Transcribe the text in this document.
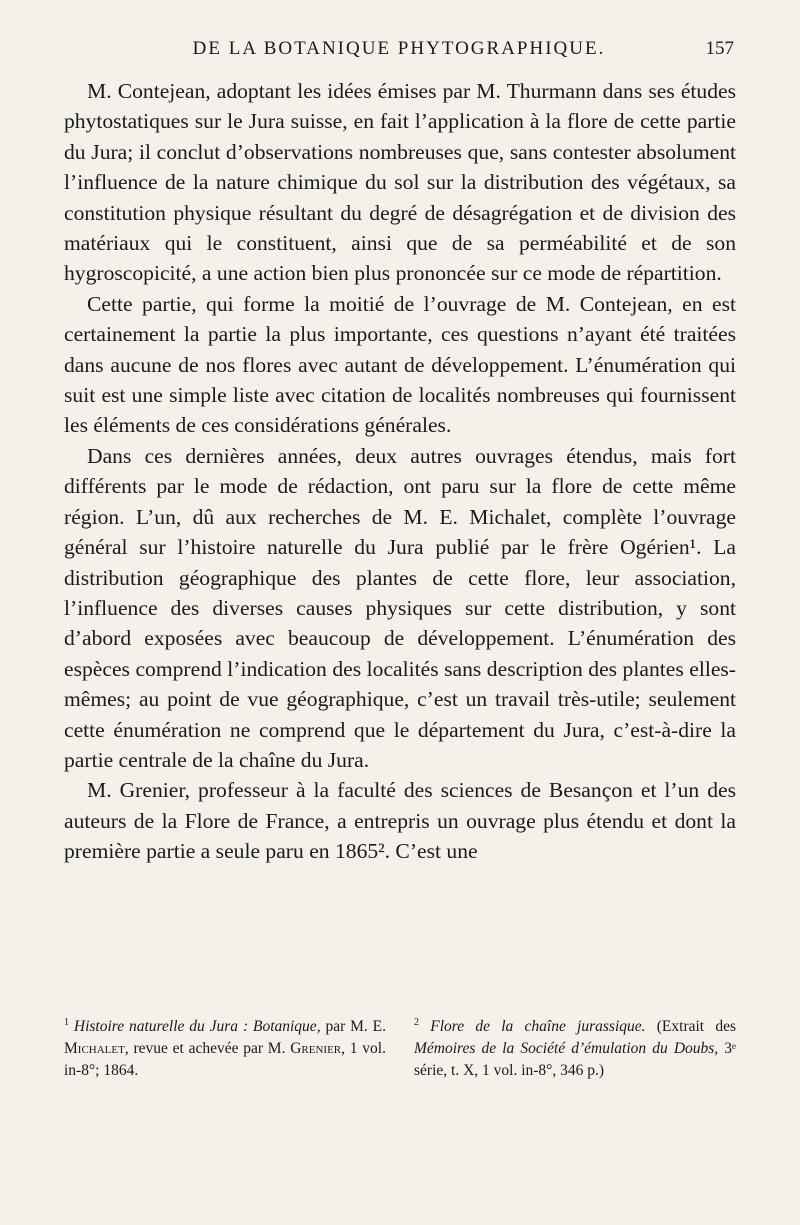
DE LA BOTANIQUE PHYTOGRAPHIQUE.	157

M. Contejean, adoptant les idées émises par M. Thurmann dans ses études phytostatiques sur le Jura suisse, en fait l’application à la flore de cette partie du Jura; il conclut d’observations nombreuses que, sans contester absolument l’influence de la nature chimique du sol sur la distribution des végétaux, sa constitution physique résultant du degré de désagrégation et de division des matériaux qui le constituent, ainsi que de sa perméabilité et de son hygroscopicité, a une action bien plus prononcée sur ce mode de répartition.

Cette partie, qui forme la moitié de l’ouvrage de M. Contejean, en est certainement la partie la plus importante, ces questions n’ayant été traitées dans aucune de nos flores avec autant de développement. L’énumération qui suit est une simple liste avec citation de localités nombreuses qui fournissent les éléments de ces considérations générales.

Dans ces dernières années, deux autres ouvrages étendus, mais fort différents par le mode de rédaction, ont paru sur la flore de cette même région. L’un, dû aux recherches de M. E. Michalet, complète l’ouvrage général sur l’histoire naturelle du Jura publié par le frère Ogérien¹. La distribution géographique des plantes de cette flore, leur association, l’influence des diverses causes physiques sur cette distribution, y sont d’abord exposées avec beaucoup de développement. L’énumération des espèces comprend l’indication des localités sans description des plantes elles-mêmes; au point de vue géographique, c’est un travail très-utile; seulement cette énumération ne comprend que le département du Jura, c’est-à-dire la partie centrale de la chaîne du Jura.

M. Grenier, professeur à la faculté des sciences de Besançon et l’un des auteurs de la Flore de France, a entrepris un ouvrage plus étendu et dont la première partie a seule paru en 1865². C’est une

$^1$ Histoire naturelle du Jura : Botanique, par M. E. Michalet, revue et achevée par M. Grenier, 1 vol. in-8°; 1864.
$^2$ Flore de la chaîne jurassique. (Extrait des Mémoires de la Société d’émulation du Doubs, 3ᵉ série, t. X, 1 vol. in-8°, 346 p.)
